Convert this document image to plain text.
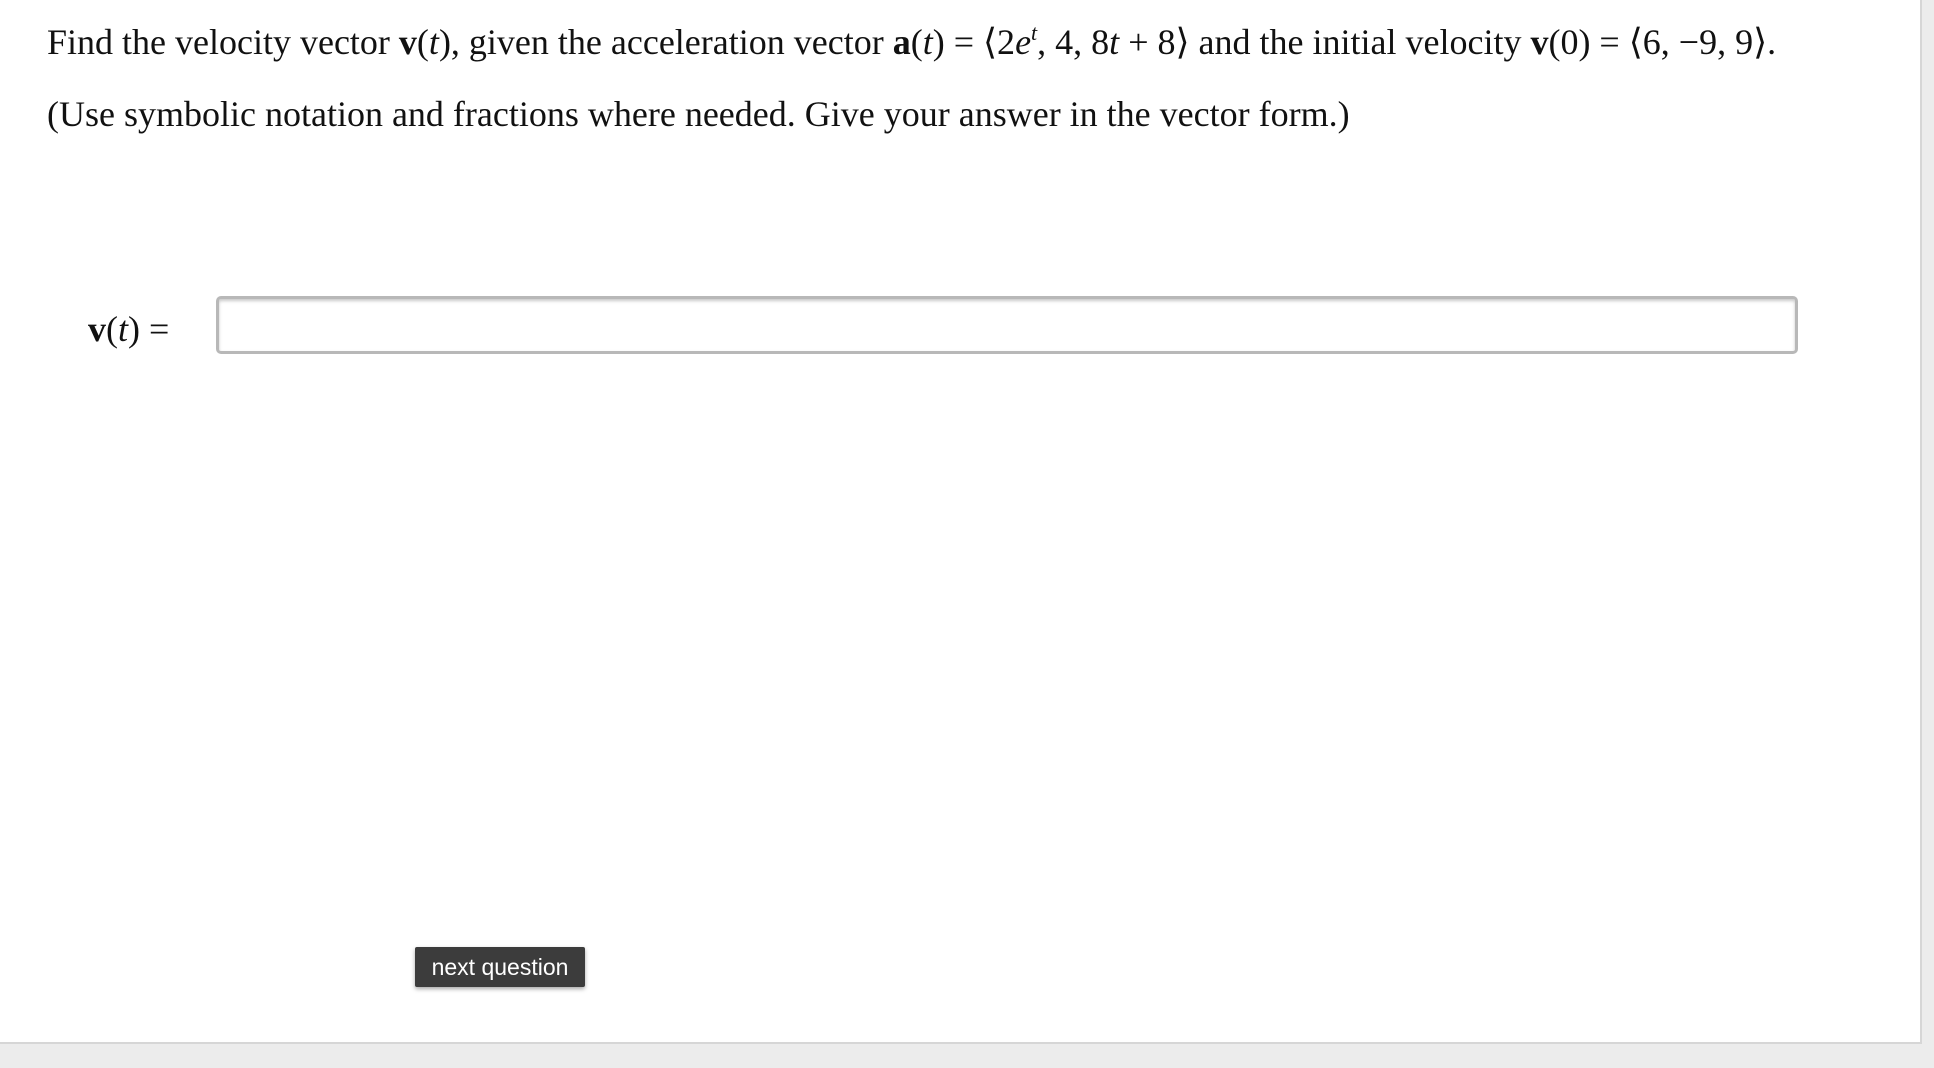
Find the velocity vector v(t), given the acceleration vector $a(t) = ⟨2e^t$, 4, 8t + 8⟩ and the initial velocity v(0) = ⟨6, −9, 9⟩.
(Use symbolic notation and fractions where needed. Give your answer in the vector form.)
v(t) =
next question
